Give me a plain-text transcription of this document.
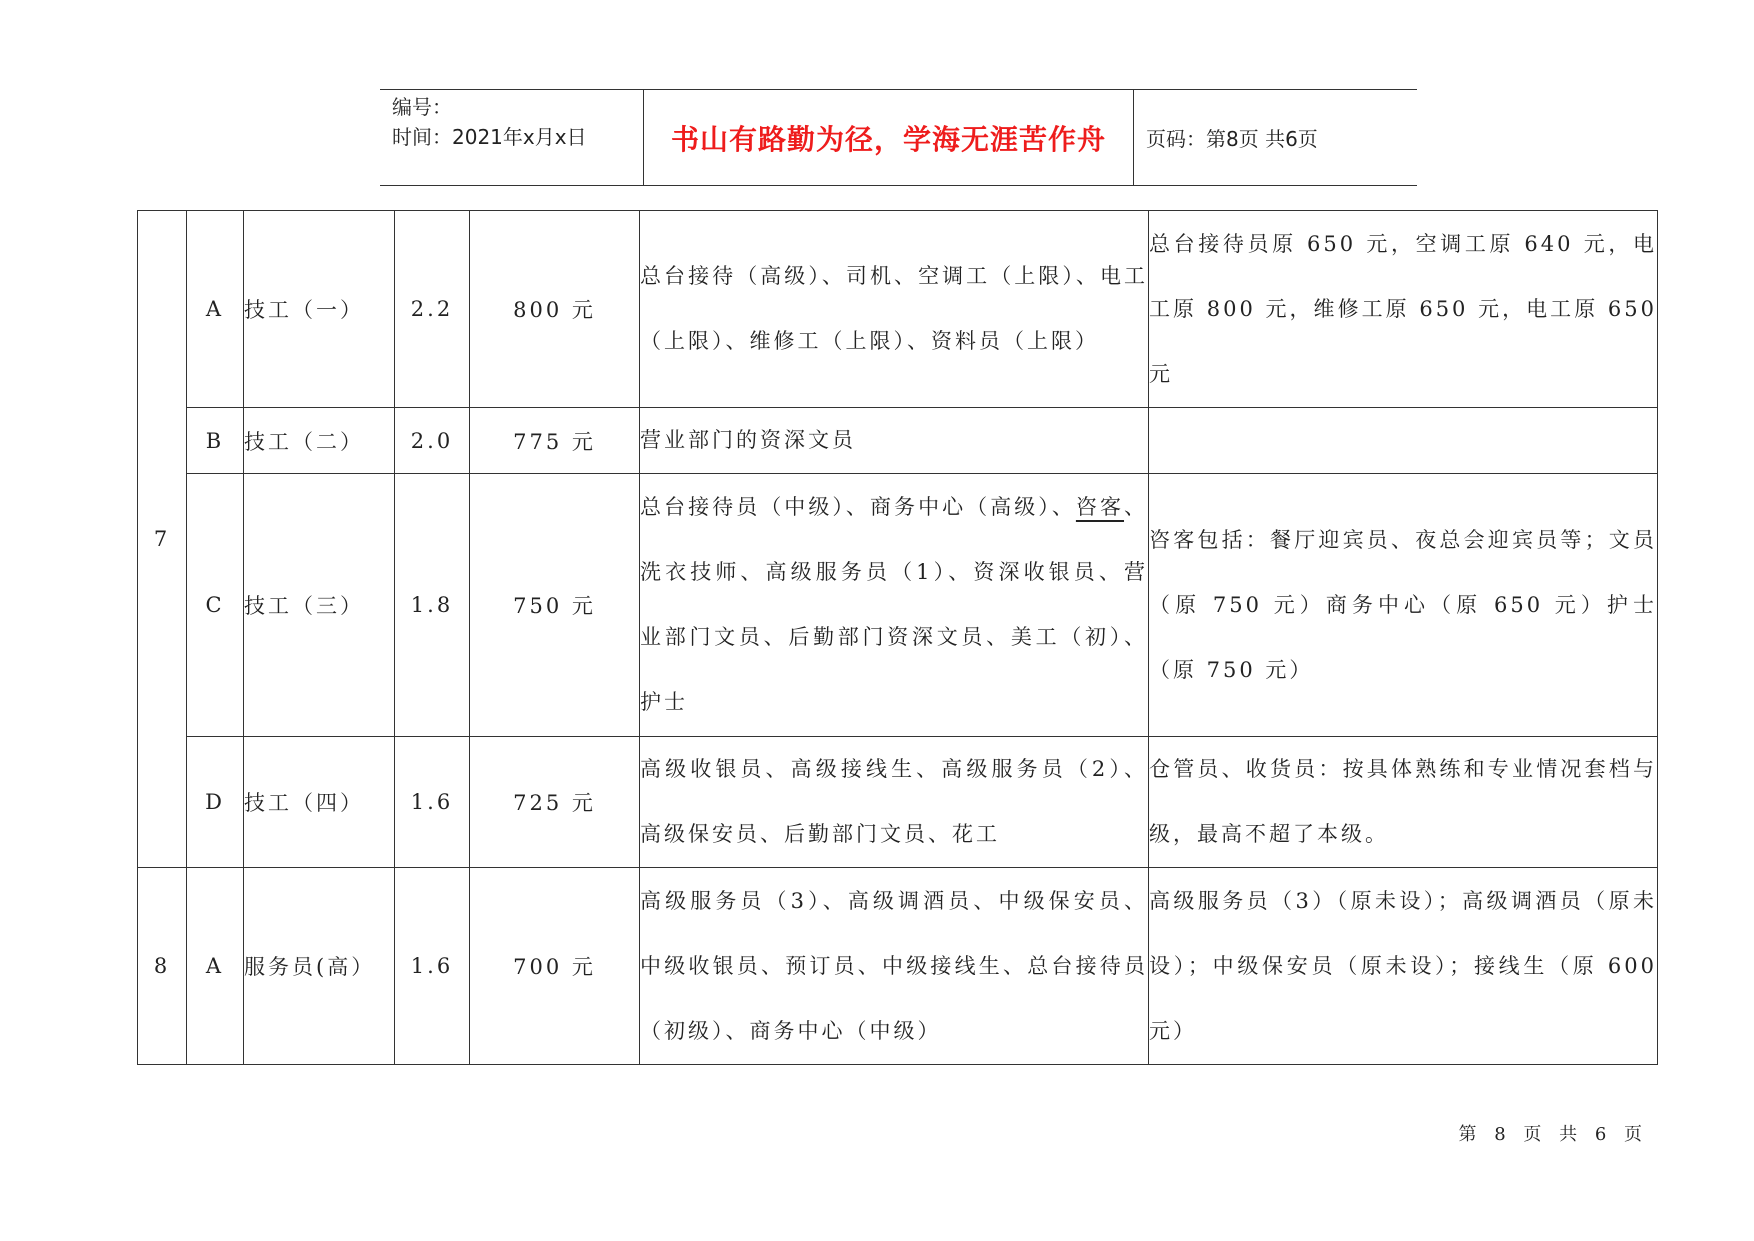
编号：
时间：2021年x月x日	书山有路勤为径，学海无涯苦作舟	页码：第8页 共6页
7	A	技工（一）	2.2	800 元	总台接待（高级）、司机、空调工（上限）、电工（上限）、维修工（上限）、资料员（上限）	总台接待员原 650 元，空调工原 640 元，电工原 800 元，维修工原 650 元，电工原 650 元
	B	技工（二）	2.0	775 元	营业部门的资深文员	
	C	技工（三）	1.8	750 元	总台接待员（中级）、商务中心（高级）、咨客、洗衣技师、高级服务员（1）、资深收银员、营业部门文员、后勤部门资深文员、美工（初）、护士	咨客包括：餐厅迎宾员、夜总会迎宾员等；文员（原 750 元）商务中心（原 650 元）护士（原 750 元）
	D	技工（四）	1.6	725 元	高级收银员、高级接线生、高级服务员（2）、高级保安员、后勤部门文员、花工	仓管员、收货员：按具体熟练和专业情况套档与级，最高不超了本级。
8	A	服务员(高）	1.6	700 元	高级服务员（3）、高级调酒员、中级保安员、中级收银员、预订员、中级接线生、总台接待员（初级）、商务中心（中级）	高级服务员（3）（原未设）；高级调酒员（原未设）；中级保安员（原未设）；接线生（原 600 元）
第 8 页 共 6 页
